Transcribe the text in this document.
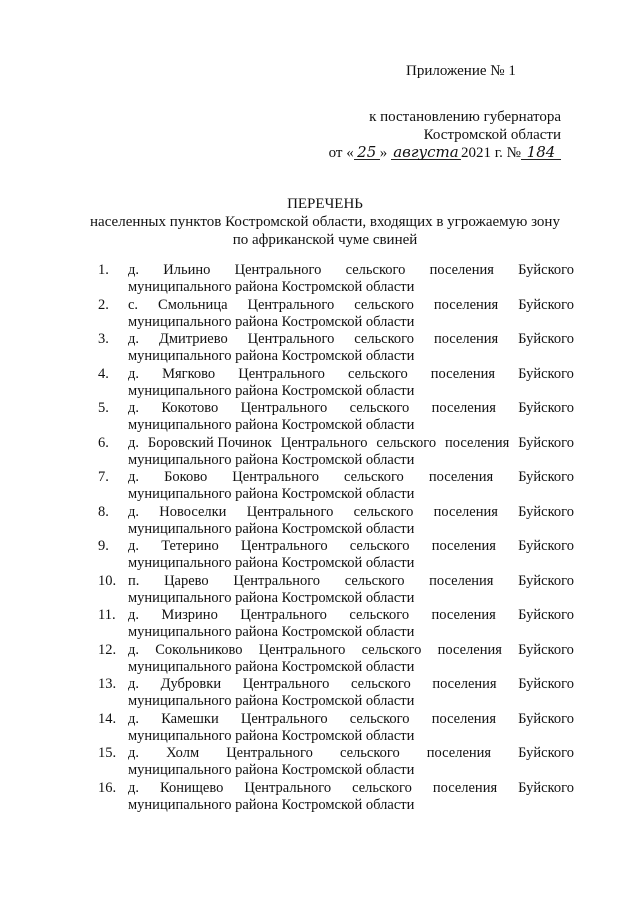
Приложение № 1
к постановлению губернатора
Костромской области
от « 25 » августа 2021 г. № 184
ПЕРЕЧЕНЬ
населенных пунктов Костромской области, входящих в угрожаемую зону
по африканской чуме свиней
1.	д. Ильино Центрального сельского поселения Буйского
муниципального района Костромской области
2.	с. Смольница Центрального сельского поселения Буйского
муниципального района Костромской области
3.	д. Дмитриево Центрального сельского поселения Буйского
муниципального района Костромской области
4.	д. Мягково Центрального сельского поселения Буйского
муниципального района Костромской области
5.	д. Кокотово Центрального сельского поселения Буйского
муниципального района Костромской области
6.	д. Боровский Починок Центрального сельского поселения Буйского
муниципального района Костромской области
7.	д. Боково Центрального сельского поселения Буйского
муниципального района Костромской области
8.	д. Новоселки Центрального сельского поселения Буйского
муниципального района Костромской области
9.	д. Тетерино Центрального сельского поселения Буйского
муниципального района Костромской области
10. п. Царево Центрального сельского поселения Буйского
муниципального района Костромской области
11. д. Мизрино Центрального сельского поселения Буйского
муниципального района Костромской области
12. д. Сокольниково Центрального сельского поселения Буйского
муниципального района Костромской области
13. д. Дубровки Центрального сельского поселения Буйского
муниципального района Костромской области
14. д. Камешки Центрального сельского поселения Буйского
муниципального района Костромской области
15. д. Холм Центрального сельского поселения Буйского
муниципального района Костромской области
16. д. Конищево Центрального сельского поселения Буйского
муниципального района Костромской области
